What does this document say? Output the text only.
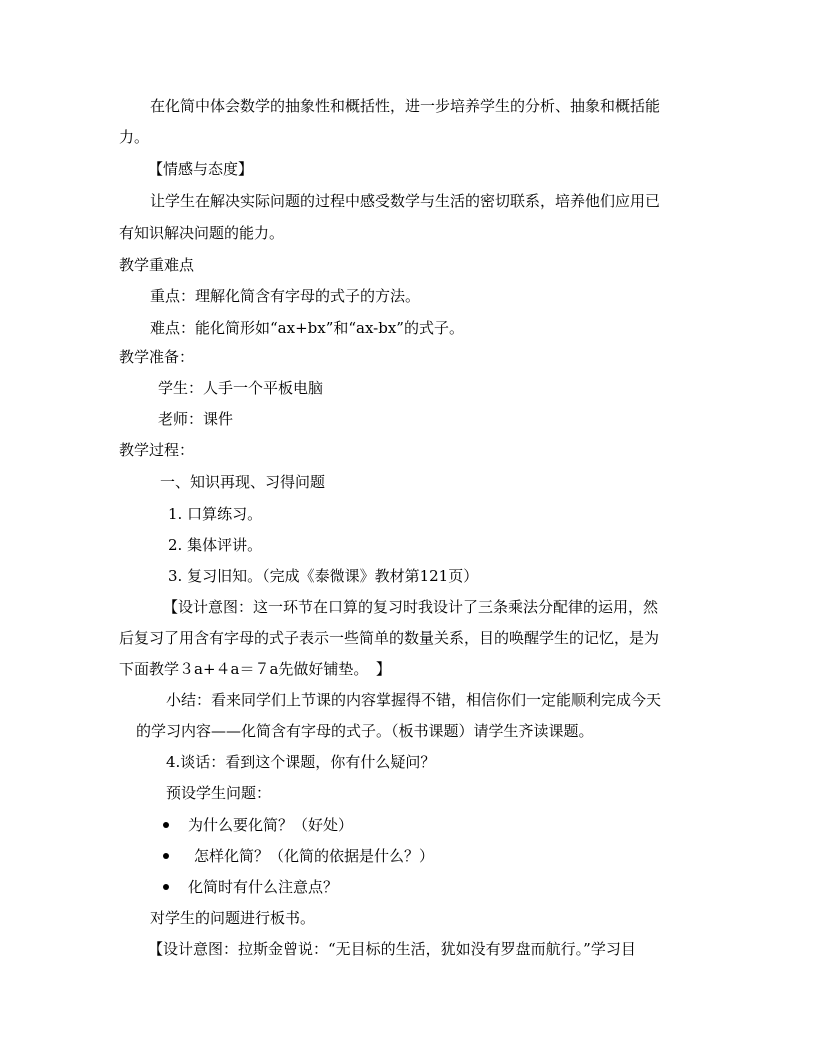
在化简中体会数学的抽象性和概括性，进一步培养学生的分析、抽象和概括能
力。
【情感与态度】
让学生在解决实际问题的过程中感受数学与生活的密切联系，培养他们应用已
有知识解决问题的能力。
教学重难点
重点：理解化简含有字母的式子的方法。
难点：能化简形如“ax+bx”和“ax-bx”的式子。
教学准备：
学生：人手一个平板电脑
老师：课件
教学过程：
一、知识再现、习得问题
1. 口算练习。
2. 集体评讲。
3. 复习旧知。（完成《泰微课》教材第121页）
【设计意图：这一环节在口算的复习时我设计了三条乘法分配律的运用，然
后复习了用含有字母的式子表示一些简单的数量关系，目的唤醒学生的记忆，是为
下面教学３a+４a＝７a先做好铺垫。　】
小结：看来同学们上节课的内容掌握得不错，相信你们一定能顺利完成今天
的学习内容——化简含有字母的式子。（板书课题）请学生齐读课题。
4.谈话：看到这个课题，你有什么疑问？
预设学生问题：
为什么要化简？（好处）
怎样化简？（化简的依据是什么？）
化简时有什么注意点？
对学生的问题进行板书。
【设计意图：拉斯金曾说：“无目标的生活，犹如没有罗盘而航行。”学习目
